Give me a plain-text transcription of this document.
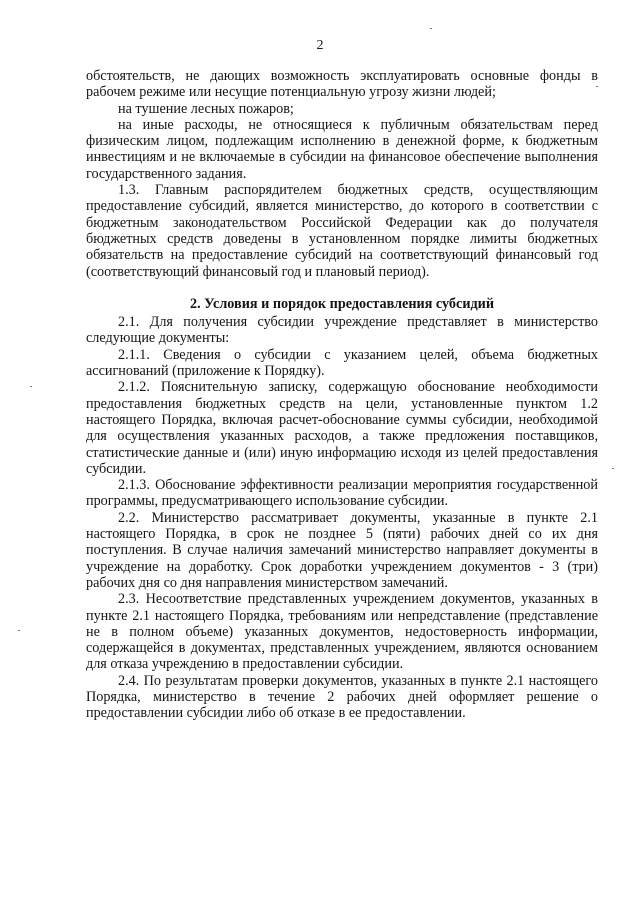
2

обстоятельств, не дающих возможность эксплуатировать основные фонды в рабочем режиме или несущие потенциальную угрозу жизни людей;

на тушение лесных пожаров;

на иные расходы, не относящиеся к публичным обязательствам перед физическим лицом, подлежащим исполнению в денежной форме, к бюджетным инвестициям и не включаемые в субсидии на финансовое обеспечение выполнения государственного задания.

1.3. Главным распорядителем бюджетных средств, осуществляющим предоставление субсидий, является министерство, до которого в соответствии с бюджетным законодательством Российской Федерации как до получателя бюджетных средств доведены в установленном порядке лимиты бюджетных обязательств на предоставление субсидий на соответствующий финансовый год (соответствующий финансовый год и плановый период).

2. Условия и порядок предоставления субсидий

2.1. Для получения субсидии учреждение представляет в министерство следующие документы:

2.1.1. Сведения о субсидии с указанием целей, объема бюджетных ассигнований (приложение к Порядку).

2.1.2. Пояснительную записку, содержащую обоснование необходимости предоставления бюджетных средств на цели, установленные пунктом 1.2 настоящего Порядка, включая расчет-обоснование суммы субсидии, необходимой для осуществления указанных расходов, а также предложения поставщиков, статистические данные и (или) иную информацию исходя из целей предоставления субсидии.

2.1.3. Обоснование эффективности реализации мероприятия государственной программы, предусматривающего использование субсидии.

2.2. Министерство рассматривает документы, указанные в пункте 2.1 настоящего Порядка, в срок не позднее 5 (пяти) рабочих дней со их дня поступления. В случае наличия замечаний министерство направляет документы в учреждение на доработку. Срок доработки учреждением документов - 3 (три) рабочих дня со дня направления министерством замечаний.

2.3. Несоответствие представленных учреждением документов, указанных в пункте 2.1 настоящего Порядка, требованиям или непредставление (представление не в полном объеме) указанных документов, недостоверность информации, содержащейся в документах, представленных учреждением, являются основанием для отказа учреждению в предоставлении субсидии.

2.4. По результатам проверки документов, указанных в пункте 2.1 настоящего Порядка, министерство в течение 2 рабочих дней оформляет решение о предоставлении субсидии либо об отказе в ее предоставлении.
